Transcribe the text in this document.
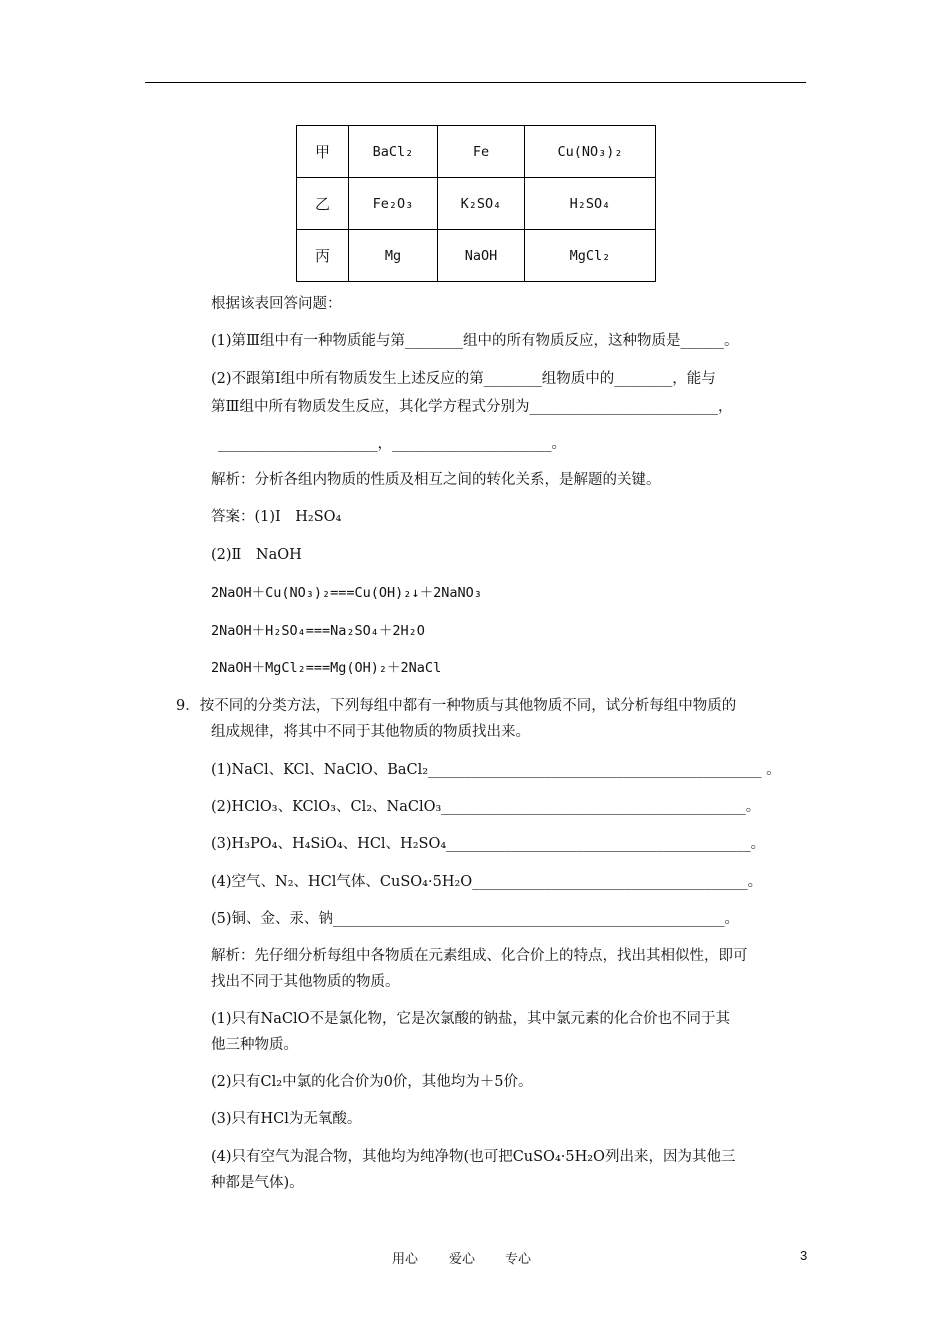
甲	BaCl₂	Fe	Cu(NO₃)₂
乙	Fe₂O₃	K₂SO₄	H₂SO₄
丙	Mg	NaOH	MgCl₂
根据该表回答问题：
(1)第Ⅲ组中有一种物质能与第________组中的所有物质反应，这种物质是______。
(2)不跟第Ⅰ组中所有物质发生上述反应的第________组物质中的________，能与
第Ⅲ组中所有物质发生反应，其化学方程式分别为__________________________，
______________________，______________________。
解析：分析各组内物质的性质及相互之间的转化关系，是解题的关键。
答案：(1)Ⅰ　H₂SO₄
(2)Ⅱ　NaOH
2NaOH＋Cu(NO₃)₂===Cu(OH)₂↓＋2NaNO₃
2NaOH＋H₂SO₄===Na₂SO₄＋2H₂O
2NaOH＋MgCl₂===Mg(OH)₂＋2NaCl
9．按不同的分类方法，下列每组中都有一种物质与其他物质不同，试分析每组中物质的
组成规律，将其中不同于其他物质的物质找出来。
(1)NaCl、KCl、NaClO、BaCl₂______________________________________________ 。
(2)HClO₃、KClO₃、Cl₂、NaClO₃__________________________________________。
(3)H₃PO₄、H₄SiO₄、HCl、H₂SO₄__________________________________________。
(4)空气、N₂、HCl气体、CuSO₄·5H₂O______________________________________。
(5)铜、金、汞、钠______________________________________________________。
解析：先仔细分析每组中各物质在元素组成、化合价上的特点，找出其相似性，即可
找出不同于其他物质的物质。
(1)只有NaClO不是氯化物，它是次氯酸的钠盐，其中氯元素的化合价也不同于其
他三种物质。
(2)只有Cl₂中氯的化合价为0价，其他均为＋5价。
(3)只有HCl为无氧酸。
(4)只有空气为混合物，其他均为纯净物(也可把CuSO₄·5H₂O列出来，因为其他三
种都是气体)。
用心 爱心 专心	3
